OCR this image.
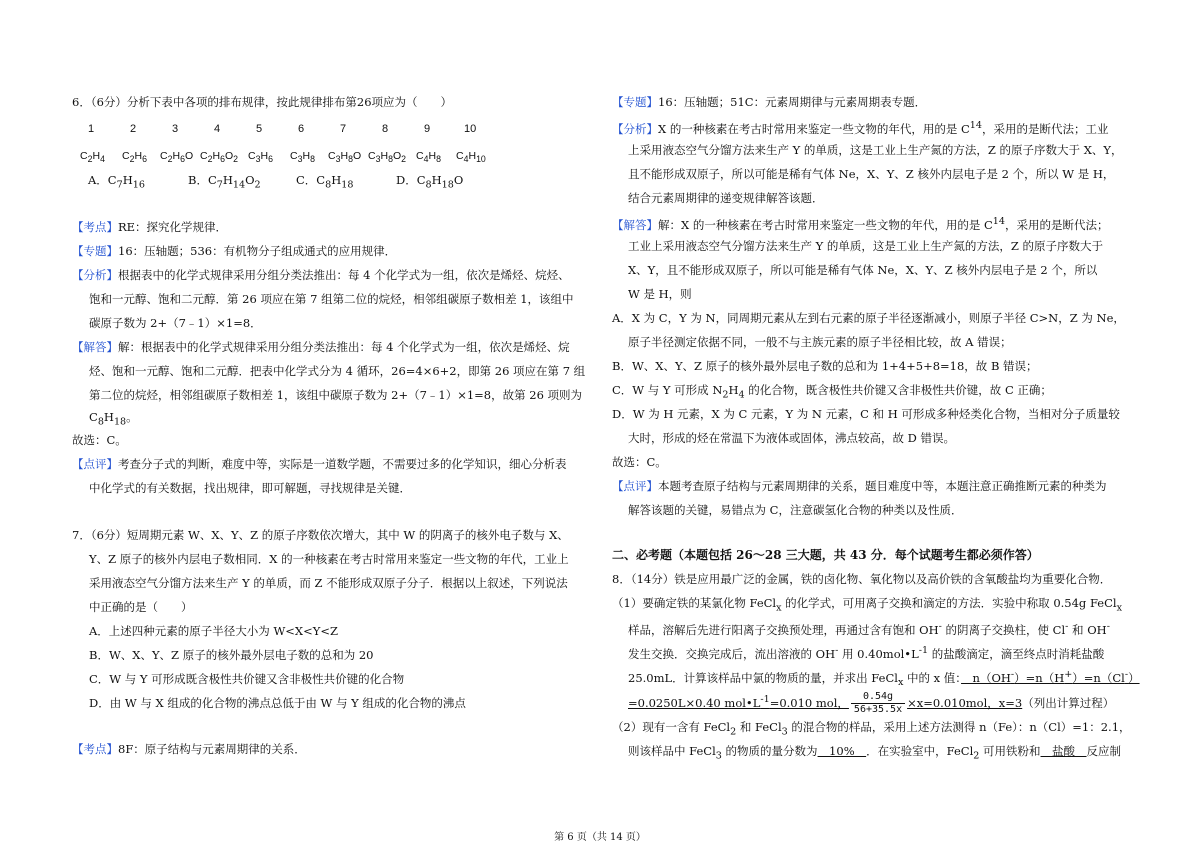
6．（6分）分析下表中各项的排布规律，按此规律排布第26项应为（　　）
1	2	3	4	5	6	7	8	9	10
$C_2H_4$ $C_2H_6$ $C_2H_6O$ $C_2H_6O_2$ $C_3H_6$ $C_3H_8$ $C_3H_8O$ $C_3H_8O_2$ $C_4H_8$ $C_4H_{10}$
A．$C_7H_{16}$	B．$C_7H_{14}O_2$	C．$C_8H_{18}$	D．$C_8H_{18}O$
【考点】RE：探究化学规律．
【专题】16：压轴题；536：有机物分子组成通式的应用规律．
【分析】根据表中的化学式规律采用分组分类法推出：每 4 个化学式为一组，依次是烯烃、烷烃、
饱和一元醇、饱和二元醇．第 26 项应在第 7 组第二位的烷烃，相邻组碳原子数相差 1，该组中
碳原子数为 2+（7﹣1）×1=8．
【解答】解：根据表中的化学式规律采用分组分类法推出：每 4 个化学式为一组，依次是烯烃、烷
烃、饱和一元醇、饱和二元醇．把表中化学式分为 4 循环，26=4×6+2，即第 26 项应在第 7 组
第二位的烷烃，相邻组碳原子数相差 1，该组中碳原子数为 2+（7﹣1）×1=8，故第 26 项则为
$C_8H_{18}$。
故选：C。
【点评】考查分子式的判断，难度中等，实际是一道数学题，不需要过多的化学知识，细心分析表
中化学式的有关数据，找出规律，即可解题，寻找规律是关键．
7．（6分）短周期元素 W、X、Y、Z 的原子序数依次增大，其中 W 的阴离子的核外电子数与 X、
Y、Z 原子的核外内层电子数相同．X 的一种核素在考古时常用来鉴定一些文物的年代，工业上
采用液态空气分馏方法来生产 Y 的单质，而 Z 不能形成双原子分子．根据以上叙述，下列说法
中正确的是（　　）
A．上述四种元素的原子半径大小为 W<X<Y<Z
B．W、X、Y、Z 原子的核外最外层电子数的总和为 20
C．W 与 Y 可形成既含极性共价键又含非极性共价键的化合物
D．由 W 与 X 组成的化合物的沸点总低于由 W 与 Y 组成的化合物的沸点
【考点】8F：原子结构与元素周期律的关系．
【专题】16：压轴题；51C：元素周期律与元素周期表专题．
【分析】X 的一种核素在考古时常用来鉴定一些文物的年代，用的是 $C^{14}$，采用的是断代法；工业
上采用液态空气分馏方法来生产 Y 的单质，这是工业上生产氮的方法，Z 的原子序数大于 X、Y，
且不能形成双原子，所以可能是稀有气体 Ne，X、Y、Z 核外内层电子是 2 个，所以 W 是 H，
结合元素周期律的递变规律解答该题．
【解答】解：X 的一种核素在考古时常用来鉴定一些文物的年代，用的是 $C^{14}$，采用的是断代法；
工业上采用液态空气分馏方法来生产 Y 的单质，这是工业上生产氮的方法，Z 的原子序数大于
X、Y，且不能形成双原子，所以可能是稀有气体 Ne，X、Y、Z 核外内层电子是 2 个，所以
W 是 H，则
A．X 为 C，Y 为 N，同周期元素从左到右元素的原子半径逐渐减小，则原子半径 C>N，Z 为 Ne，
原子半径测定依据不同，一般不与主族元素的原子半径相比较，故 A 错误；
B．W、X、Y、Z 原子的核外最外层电子数的总和为 1+4+5+8=18，故 B 错误；
C．W 与 Y 可形成 $N_2H_4$ 的化合物，既含极性共价键又含非极性共价键，故 C 正确；
D．W 为 H 元素，X 为 C 元素，Y 为 N 元素，C 和 H 可形成多种烃类化合物，当相对分子质量较
大时，形成的烃在常温下为液体或固体，沸点较高，故 D 错误。
故选：C。
【点评】本题考查原子结构与元素周期律的关系，题目难度中等，本题注意正确推断元素的种类为
解答该题的关键，易错点为 C，注意碳氢化合物的种类以及性质．
二、必考题（本题包括 26～28 三大题，共 43 分．每个试题考生都必须作答）
8．（14分）铁是应用最广泛的金属，铁的卤化物、氧化物以及高价铁的含氧酸盐均为重要化合物．
（1）要确定铁的某氯化物 FeCl$_x$ 的化学式，可用离子交换和滴定的方法．实验中称取 0.54g FeCl$_x$
样品，溶解后先进行阳离子交换预处理，再通过含有饱和 OH- 的阴离子交换柱，使 Cl- 和 OH-
发生交换．交换完成后，流出溶液的 OH- 用 $0.40mol•L^{-1}$ 的盐酸滴定，滴至终点时消耗盐酸
25.0mL．计算该样品中氯的物质的量，并求出 FeCl$_x$ 中的 x 值：　n（OH-）=n（H+）=n（Cl-）
=0.0250L×0.40 $mol•L^{-1}=0.010$ mol， $\frac{0.54g}{56+35.5x} \times x=0.010mol$，x=3（列出计算过程）
（2）现有一含有 FeCl$_2$ 和 FeCl$_3$ 的混合物的样品，采用上述方法测得 n（Fe）：n（Cl）=1：2.1，
则该样品中 FeCl$_3$ 的物质的量分数为　10%　．在实验室中，FeCl$_2$ 可用铁粉和　盐酸　反应制
第 6 页（共 14 页）
